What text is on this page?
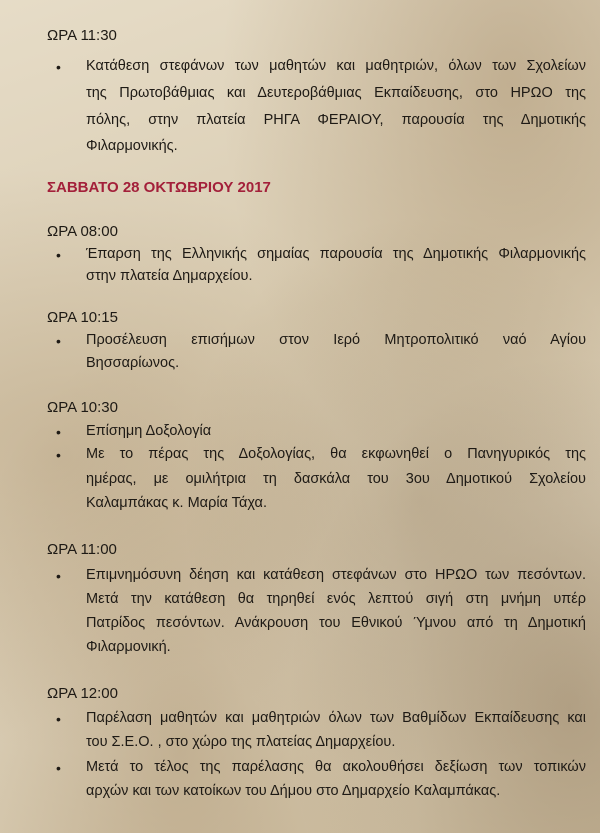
ΩΡΑ 11:30
• Κατάθεση στεφάνων των μαθητών και μαθητριών, όλων των Σχολείων
της Πρωτοβάθμιας και Δευτεροβάθμιας Εκπαίδευσης, στο ΗΡΩΟ της
πόλης, στην πλατεία ΡΗΓΑ ΦΕΡΑΙΟΥ, παρουσία της Δημοτικής
Φιλαρμονικής.
ΣΑΒΒΑΤΟ 28 ΟΚΤΩΒΡΙΟΥ 2017
ΩΡΑ 08:00
• Έπαρση της Ελληνικής σημαίας παρουσία της Δημοτικής Φιλαρμονικής
στην πλατεία Δημαρχείου.
ΩΡΑ 10:15
• Προσέλευση επισήμων στον Ιερό Μητροπολιτικό ναό Αγίου
Βησσαρίωνος.
ΩΡΑ 10:30
• Επίσημη Δοξολογία
• Με το πέρας της Δοξολογίας, θα εκφωνηθεί ο Πανηγυρικός της
ημέρας, με ομιλήτρια τη δασκάλα του 3ου Δημοτικού Σχολείου
Καλαμπάκας κ. Μαρία Τάχα.
ΩΡΑ 11:00
• Επιμνημόσυνη δέηση και κατάθεση στεφάνων στο ΗΡΩΟ των πεσόντων.
Μετά την κατάθεση θα τηρηθεί ενός λεπτού σιγή στη μνήμη υπέρ
Πατρίδος πεσόντων. Ανάκρουση του Εθνικού Ύμνου από τη Δημοτική
Φιλαρμονική.
ΩΡΑ 12:00
• Παρέλαση μαθητών και μαθητριών όλων των Βαθμίδων Εκπαίδευσης και
του Σ.Ε.Ο. , στο χώρο της πλατείας Δημαρχείου.
• Μετά το τέλος της παρέλασης θα ακολουθήσει δεξίωση των τοπικών
αρχών και των κατοίκων του Δήμου στο Δημαρχείο Καλαμπάκας.
